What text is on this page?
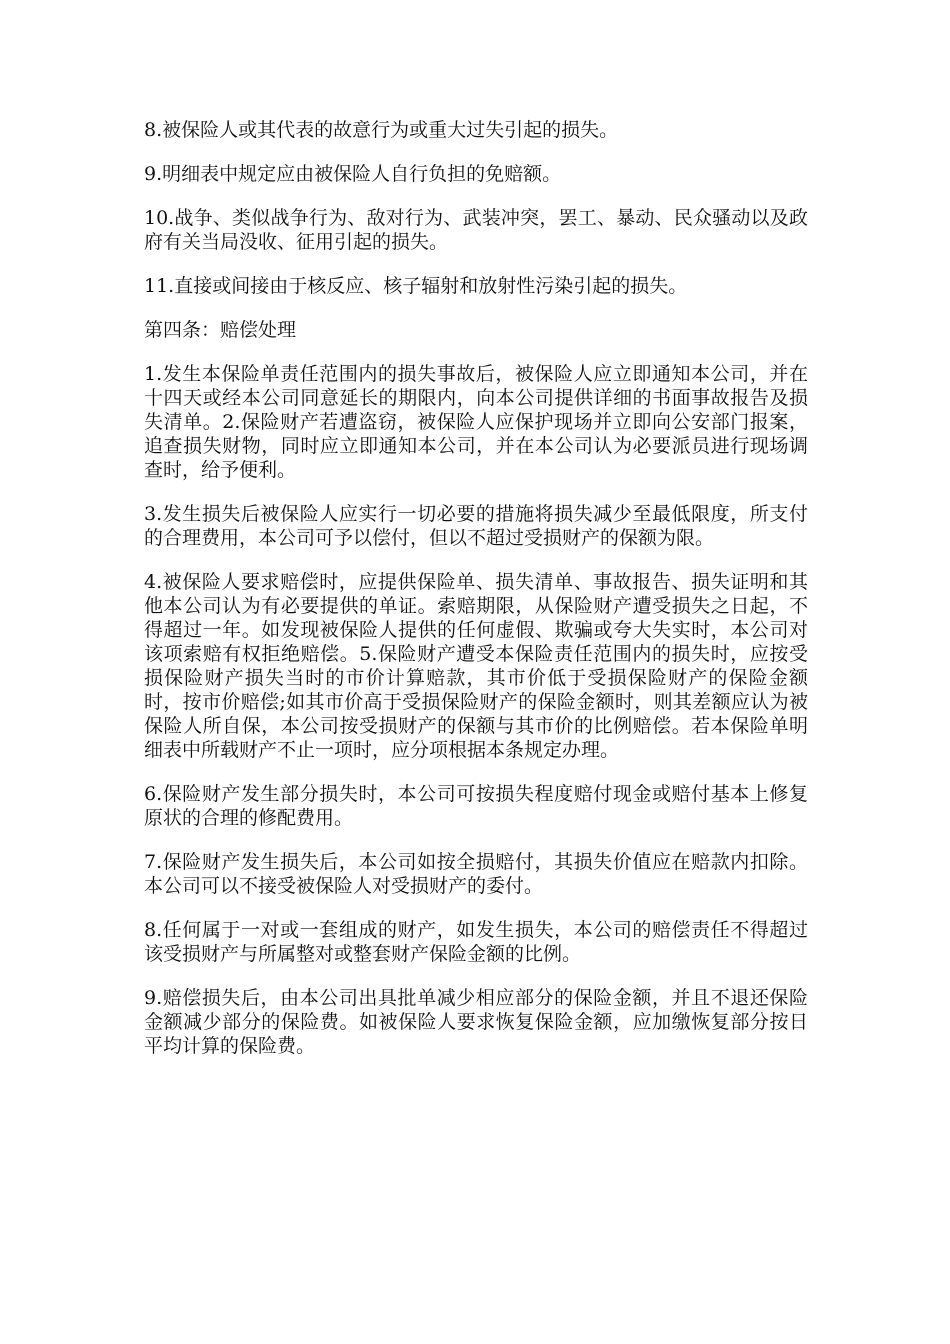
8.被保险人或其代表的故意行为或重大过失引起的损失。

9.明细表中规定应由被保险人自行负担的免赔额。

10.战争、类似战争行为、敌对行为、武装冲突，罢工、暴动、民众骚动以及政府有关当局没收、征用引起的损失。

11.直接或间接由于核反应、核子辐射和放射性污染引起的损失。

第四条：赔偿处理

1.发生本保险单责任范围内的损失事故后，被保险人应立即通知本公司，并在十四天或经本公司同意延长的期限内，向本公司提供详细的书面事故报告及损失清单。2.保险财产若遭盗窃，被保险人应保护现场并立即向公安部门报案，追查损失财物，同时应立即通知本公司，并在本公司认为必要派员进行现场调查时，给予便利。

3.发生损失后被保险人应实行一切必要的措施将损失减少至最低限度，所支付的合理费用，本公司可予以偿付，但以不超过受损财产的保额为限。

4.被保险人要求赔偿时，应提供保险单、损失清单、事故报告、损失证明和其他本公司认为有必要提供的单证。索赔期限，从保险财产遭受损失之日起，不得超过一年。如发现被保险人提供的任何虚假、欺骗或夸大失实时，本公司对该项索赔有权拒绝赔偿。5.保险财产遭受本保险责任范围内的损失时，应按受损保险财产损失当时的市价计算赔款，其市价低于受损保险财产的保险金额时，按市价赔偿;如其市价高于受损保险财产的保险金额时，则其差额应认为被保险人所自保，本公司按受损财产的保额与其市价的比例赔偿。若本保险单明细表中所载财产不止一项时，应分项根据本条规定办理。

6.保险财产发生部分损失时，本公司可按损失程度赔付现金或赔付基本上修复原状的合理的修配费用。

7.保险财产发生损失后，本公司如按全损赔付，其损失价值应在赔款内扣除。本公司可以不接受被保险人对受损财产的委付。

8.任何属于一对或一套组成的财产，如发生损失，本公司的赔偿责任不得超过该受损财产与所属整对或整套财产保险金额的比例。

9.赔偿损失后，由本公司出具批单减少相应部分的保险金额，并且不退还保险金额减少部分的保险费。如被保险人要求恢复保险金额，应加缴恢复部分按日平均计算的保险费。
